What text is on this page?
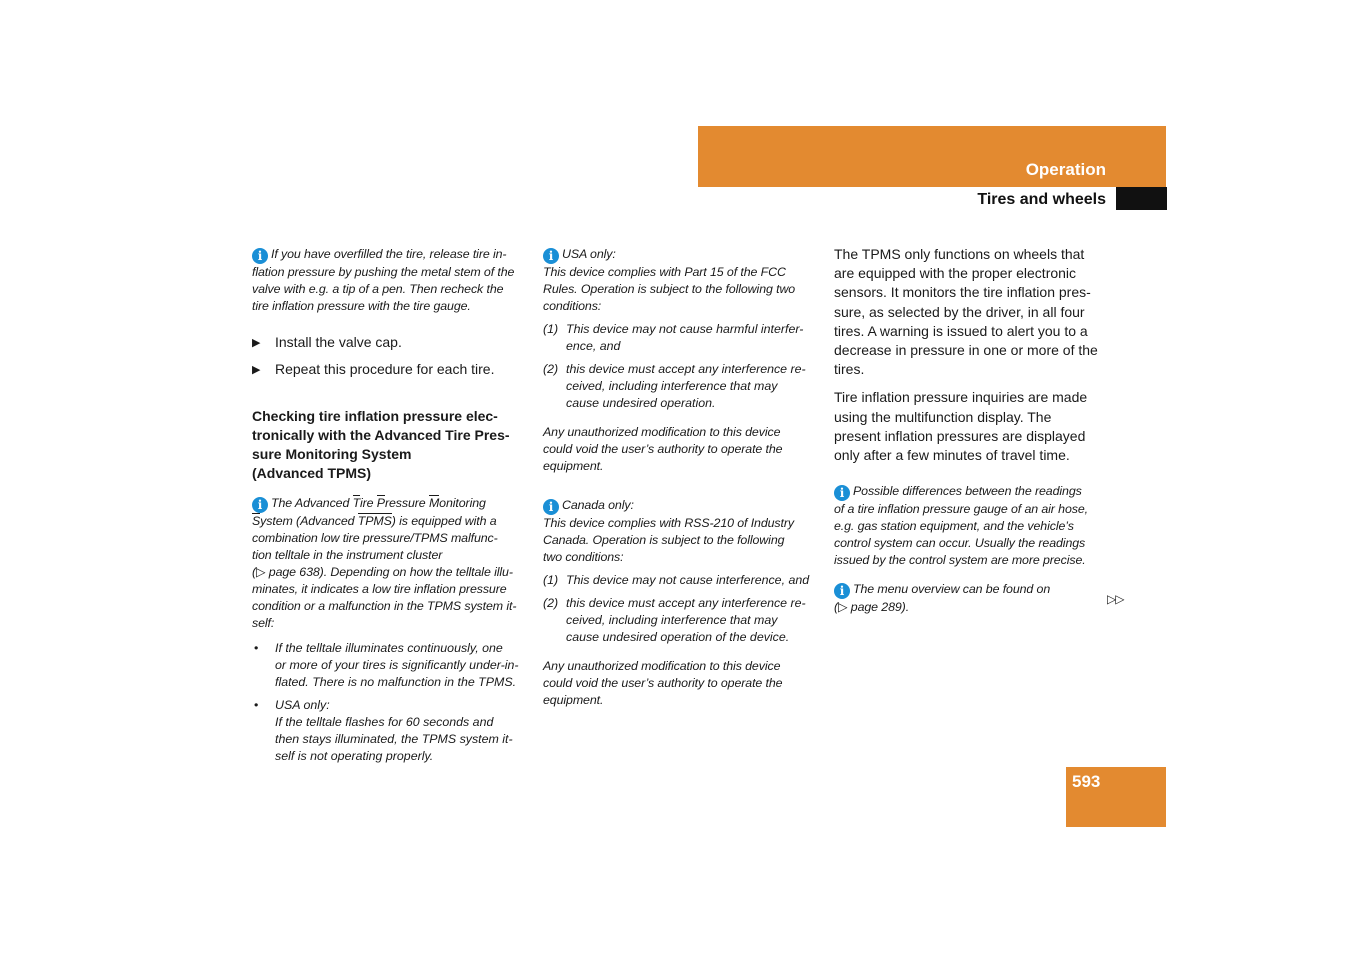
Operation
Tires and wheels

i If you have overfilled the tire, release tire in-

flation pressure by pushing the metal stem of the

valve with e.g. a tip of a pen. Then recheck the

tire inflation pressure with the tire gauge.

▶ Install the valve cap.
▶ Repeat this procedure for each tire.
Checking tire inflation pressure elec-
tronically with the Advanced Tire Pres-
sure Monitoring System
(Advanced TPMS)

i The Advanced Tire Pressure Monitoring

System (Advanced TPMS) is equipped with a

combination low tire pressure/TPMS malfunc-

tion telltale in the instrument cluster

(▷ page 638). Depending on how the telltale illu-

minates, it indicates a low tire inflation pressure

condition or a malfunction in the TPMS system it-

self:

• If the telltale illuminates continuously, one
or more of your tires is significantly under-in-
flated. There is no malfunction in the TPMS.
• USA only:
If the telltale flashes for 60 seconds and
then stays illuminated, the TPMS system it-
self is not operating properly.

i USA only:

This device complies with Part 15 of the FCC

Rules. Operation is subject to the following two

conditions:

(1) This device may not cause harmful interfer-
ence, and
(2) this device must accept any interference re-
ceived, including interference that may
cause undesired operation.

Any unauthorized modification to this device

could void the user’s authority to operate the

equipment.

i Canada only:

This device complies with RSS-210 of Industry

Canada. Operation is subject to the following

two conditions:

(1) This device may not cause interference, and
(2) this device must accept any interference re-
ceived, including interference that may
cause undesired operation of the device.

Any unauthorized modification to this device

could void the user’s authority to operate the

equipment.

The TPMS only functions on wheels that
are equipped with the proper electronic
sensors. It monitors the tire inflation pres-
sure, as selected by the driver, in all four
tires. A warning is issued to alert you to a
decrease in pressure in one or more of the
tires.

Tire inflation pressure inquiries are made
using the multifunction display. The
present inflation pressures are displayed
only after a few minutes of travel time.

i Possible differences between the readings

of a tire inflation pressure gauge of an air hose,

e.g. gas station equipment, and the vehicle’s

control system can occur. Usually the readings

issued by the control system are more precise.

i The menu overview can be found on

(▷ page 289).

▷▷
593
